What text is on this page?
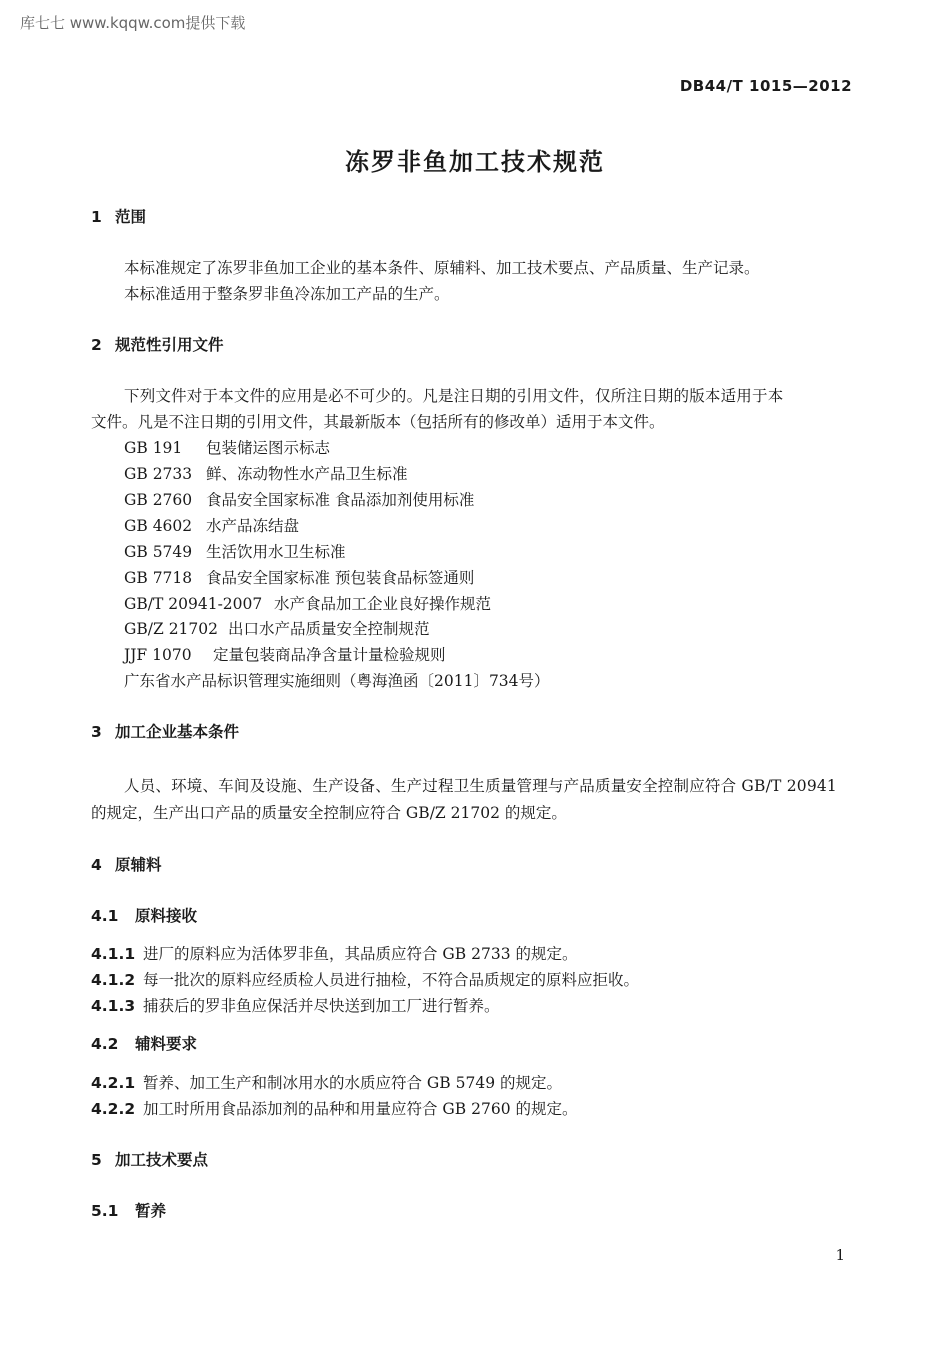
库七七 www.kqqw.com提供下载
DB44/T 1015—2012
冻罗非鱼加工技术规范
1 范围
本标准规定了冻罗非鱼加工企业的基本条件、原辅料、加工技术要点、产品质量、生产记录。
本标准适用于整条罗非鱼冷冻加工产品的生产。
2 规范性引用文件
下列文件对于本文件的应用是必不可少的。凡是注日期的引用文件，仅所注日期的版本适用于本
文件。凡是不注日期的引用文件，其最新版本（包括所有的修改单）适用于本文件。
GB 191 包装储运图示标志
GB 2733 鲜、冻动物性水产品卫生标准
GB 2760 食品安全国家标准 食品添加剂使用标准
GB 4602 水产品冻结盘
GB 5749 生活饮用水卫生标准
GB 7718 食品安全国家标准 预包装食品标签通则
GB/T 20941-2007 水产食品加工企业良好操作规范
GB/Z 21702 出口水产品质量安全控制规范
JJF 1070 定量包装商品净含量计量检验规则
广东省水产品标识管理实施细则（粤海渔函〔2011〕734号）
3 加工企业基本条件
人员、环境、车间及设施、生产设备、生产过程卫生质量管理与产品质量安全控制应符合 GB/T 20941
的规定，生产出口产品的质量安全控制应符合 GB/Z 21702 的规定。
4 原辅料
4.1 原料接收
4.1.1 进厂的原料应为活体罗非鱼，其品质应符合 GB 2733 的规定。
4.1.2 每一批次的原料应经质检人员进行抽检，不符合品质规定的原料应拒收。
4.1.3 捕获后的罗非鱼应保活并尽快送到加工厂进行暂养。
4.2 辅料要求
4.2.1 暂养、加工生产和制冰用水的水质应符合 GB 5749 的规定。
4.2.2 加工时所用食品添加剂的品种和用量应符合 GB 2760 的规定。
5 加工技术要点
5.1 暂养
1
